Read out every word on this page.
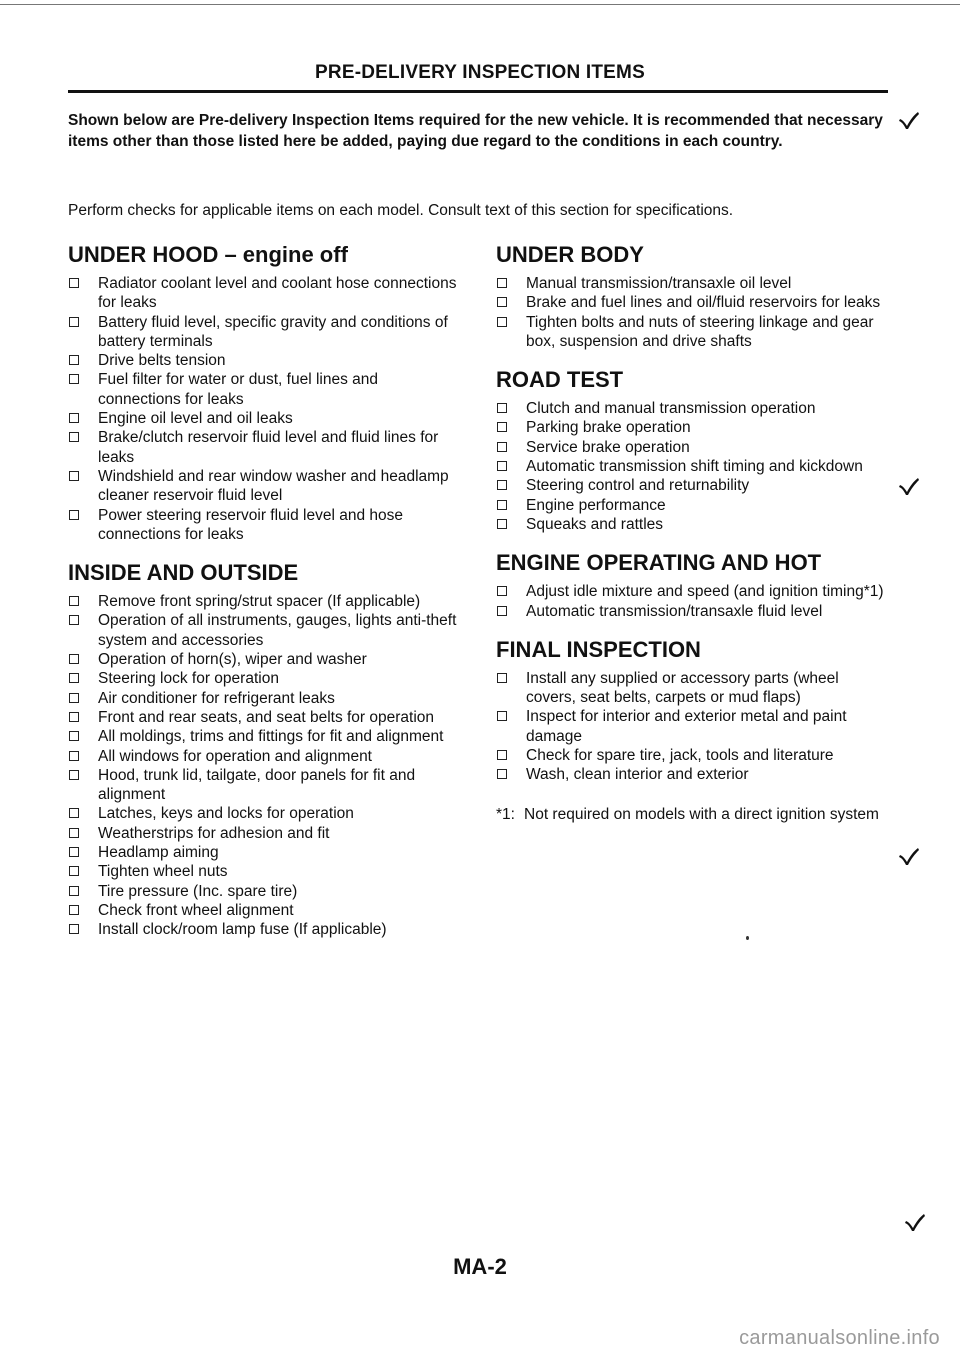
PRE-DELIVERY INSPECTION ITEMS
Shown below are Pre-delivery Inspection Items required for the new vehicle. It is recommended that necessary items other than those listed here be added, paying due regard to the conditions in each country.
Perform checks for applicable items on each model. Consult text of this section for specifications.
UNDER HOOD – engine off
Radiator coolant level and coolant hose connections for leaks
Battery fluid level, specific gravity and conditions of battery terminals
Drive belts tension
Fuel filter for water or dust, fuel lines and connections for leaks
Engine oil level and oil leaks
Brake/clutch reservoir fluid level and fluid lines for leaks
Windshield and rear window washer and headlamp cleaner reservoir fluid level
Power steering reservoir fluid level and hose connections for leaks
INSIDE AND OUTSIDE
Remove front spring/strut spacer (If applicable)
Operation of all instruments, gauges, lights anti-theft system and accessories
Operation of horn(s), wiper and washer
Steering lock for operation
Air conditioner for refrigerant leaks
Front and rear seats, and seat belts for operation
All moldings, trims and fittings for fit and alignment
All windows for operation and alignment
Hood, trunk lid, tailgate, door panels for fit and alignment
Latches, keys and locks for operation
Weatherstrips for adhesion and fit
Headlamp aiming
Tighten wheel nuts
Tire pressure (Inc. spare tire)
Check front wheel alignment
Install clock/room lamp fuse (If applicable)
UNDER BODY
Manual transmission/transaxle oil level
Brake and fuel lines and oil/fluid reservoirs for leaks
Tighten bolts and nuts of steering linkage and gear box, suspension and drive shafts
ROAD TEST
Clutch and manual transmission operation
Parking brake operation
Service brake operation
Automatic transmission shift timing and kickdown
Steering control and returnability
Engine performance
Squeaks and rattles
ENGINE OPERATING AND HOT
Adjust idle mixture and speed (and ignition timing*1)
Automatic transmission/transaxle fluid level
FINAL INSPECTION
Install any supplied or accessory parts (wheel covers, seat belts, carpets or mud flaps)
Inspect for interior and exterior metal and paint damage
Check for spare tire, jack, tools and literature
Wash, clean interior and exterior
*1: Not required on models with a direct ignition system
MA-2
carmanualsonline.info
